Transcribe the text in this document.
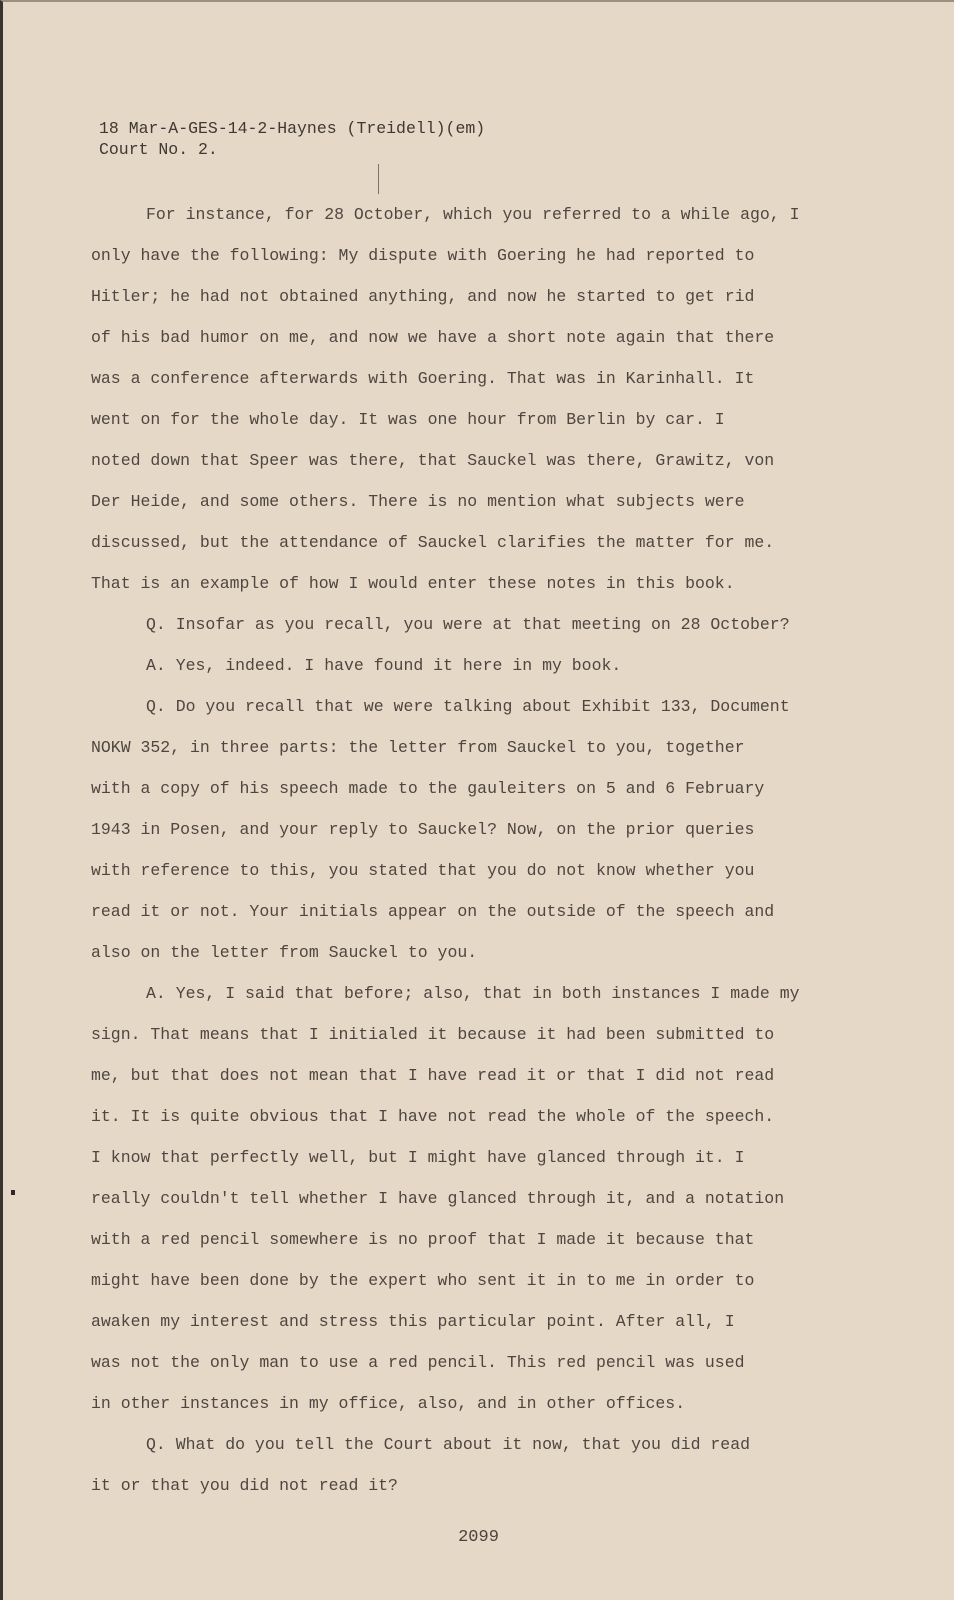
18 Mar-A-GES-14-2-Haynes (Treidell)(em)
Court No. 2.
For instance, for 28 October, which you referred to a while ago, I
only have the following: My dispute with Goering he had reported to
Hitler; he had not obtained anything, and now he started to get rid
of his bad humor on me, and now we have a short note again that there
was a conference afterwards with Goering. That was in Karinhall. It
went on for the whole day. It was one hour from Berlin by car. I
noted down that Speer was there, that Sauckel was there, Grawitz, von
Der Heide, and some others. There is no mention what subjects were
discussed, but the attendance of Sauckel clarifies the matter for me.
That is an example of how I would enter these notes in this book.
Q. Insofar as you recall, you were at that meeting on 28 October?
A. Yes, indeed. I have found it here in my book.
Q. Do you recall that we were talking about Exhibit 133, Document
NOKW 352, in three parts: the letter from Sauckel to you, together
with a copy of his speech made to the gauleiters on 5 and 6 February
1943 in Posen, and your reply to Sauckel? Now, on the prior queries
with reference to this, you stated that you do not know whether you
read it or not. Your initials appear on the outside of the speech and
also on the letter from Sauckel to you.
A. Yes, I said that before; also, that in both instances I made my
sign. That means that I initialed it because it had been submitted to
me, but that does not mean that I have read it or that I did not read
it. It is quite obvious that I have not read the whole of the speech.
I know that perfectly well, but I might have glanced through it. I
really couldn't tell whether I have glanced through it, and a notation
with a red pencil somewhere is no proof that I made it because that
might have been done by the expert who sent it in to me in order to
awaken my interest and stress this particular point. After all, I
was not the only man to use a red pencil. This red pencil was used
in other instances in my office, also, and in other offices.
Q. What do you tell the Court about it now, that you did read
it or that you did not read it?
2099
